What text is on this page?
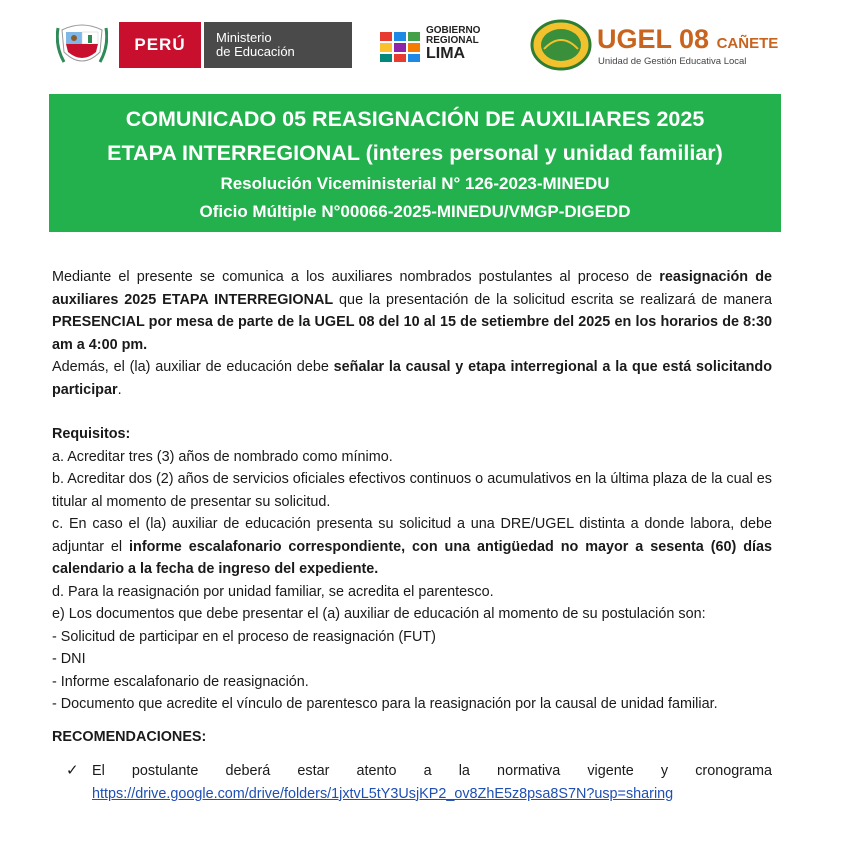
PERÚ	Ministerio
de Educación
GOBIERNO
REGIONAL
LIMA	UGEL 08 CAÑETE
Unidad de Gestión Educativa Local
COMUNICADO 05 REASIGNACIÓN DE AUXILIARES 2025
ETAPA INTERREGIONAL (interes personal y unidad familiar)
Resolución Viceministerial N° 126-2023-MINEDU
Oficio Múltiple N°00066-2025-MINEDU/VMGP-DIGEDD

Mediante el presente se comunica a los auxiliares nombrados postulantes al proceso de reasignación de auxiliares 2025 ETAPA INTERREGIONAL que la presentación de la solicitud escrita se realizará de manera PRESENCIAL por mesa de parte de la UGEL 08 del 10 al 15 de setiembre del 2025 en los horarios de 8:30 am a 4:00 pm.

Además, el (la) auxiliar de educación debe señalar la causal y etapa interregional a la que está solicitando participar.

Requisitos:

a. Acreditar tres (3) años de nombrado como mínimo.

b. Acreditar dos (2) años de servicios oficiales efectivos continuos o acumulativos en la última plaza de la cual es titular al momento de presentar su solicitud.

c. En caso el (la) auxiliar de educación presenta su solicitud a una DRE/UGEL distinta a donde labora, debe adjuntar el informe escalafonario correspondiente, con una antigüedad no mayor a sesenta (60) días calendario a la fecha de ingreso del expediente.

d. Para la reasignación por unidad familiar, se acredita el parentesco.

e) Los documentos que debe presentar el (a) auxiliar de educación al momento de su postulación son:

- Solicitud de participar en el proceso de reasignación (FUT)

- DNI

- Informe escalafonario de reasignación.

- Documento que acredite el vínculo de parentesco para la reasignación por la causal de unidad familiar.

RECOMENDACIONES:

✓ El postulante deberá estar atento a la normativa vigente y cronograma https://drive.google.com/drive/folders/1jxtvL5tY3UsjKP2_ov8ZhE5z8psa8S7N?usp=sharing
